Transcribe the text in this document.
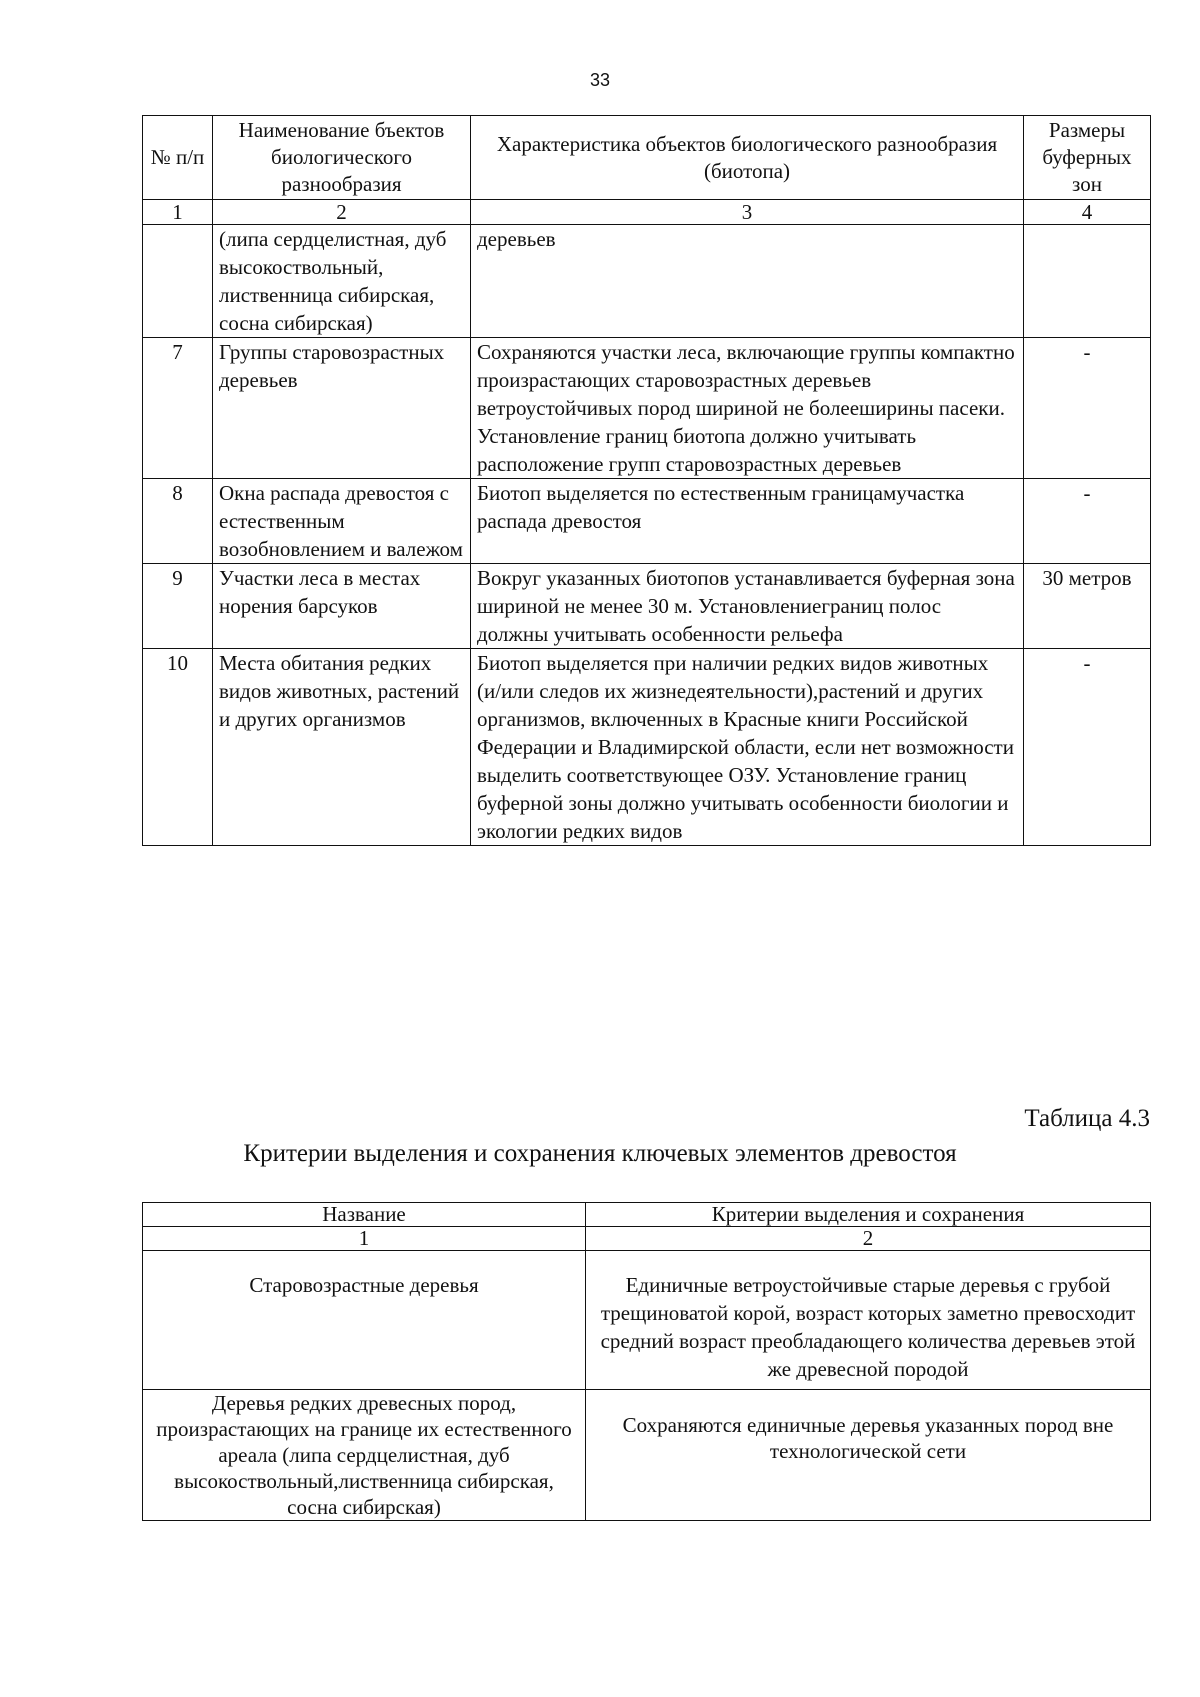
33
№ п/п	Наименование бъектов биологического разнообразия	Характеристика объектов биологического разнообразия (биотопа)	Размеры буферных зон
1	2	3	4
	(липа сердцелистная, дуб высокоствольный, лиственница сибирская, сосна сибирская)	деревьев	
7	Группы старовозрастных деревьев	Сохраняются участки леса, включающие группы компактно произрастающих старовозрастных деревьев ветроустойчивых пород шириной не болееширины пасеки. Установление границ биотопа должно учитывать расположение групп старовозрастных деревьев	-
8	Окна распада древостоя с естественным возобновлением и валежом	Биотоп выделяется по естественным границамучастка распада древостоя	-
9	Участки леса в местах норения барсуков	Вокруг указанных биотопов устанавливается буферная зона шириной не менее 30 м. Установлениеграниц полос должны учитывать особенности рельефа	30 метров
10	Места обитания редких видов животных, растений и других организмов	Биотоп выделяется при наличии редких видов животных (и/или следов их жизнедеятельности),растений и других организмов, включенных в Красные книги Российской Федерации и Владимирской области, если нет возможности выделить соответствующее ОЗУ. Установление границ буферной зоны должно учитывать особенности биологии и экологии редких видов	-
Таблица 4.3
Критерии выделения и сохранения ключевых элементов древостоя
Название	Критерии выделения и сохранения
1	2
Старовозрастные деревья	Единичные ветроустойчивые старые деревья с грубой трещиноватой корой, возраст которых заметно превосходит средний возраст преобладающего количества деревьев этой же древесной породой
Деревья редких древесных пород, произрастающих на границе их естественного ареала (липа сердцелистная, дуб высокоствольный,лиственница сибирская, сосна сибирская)	Сохраняются единичные деревья указанных пород вне технологической сети
